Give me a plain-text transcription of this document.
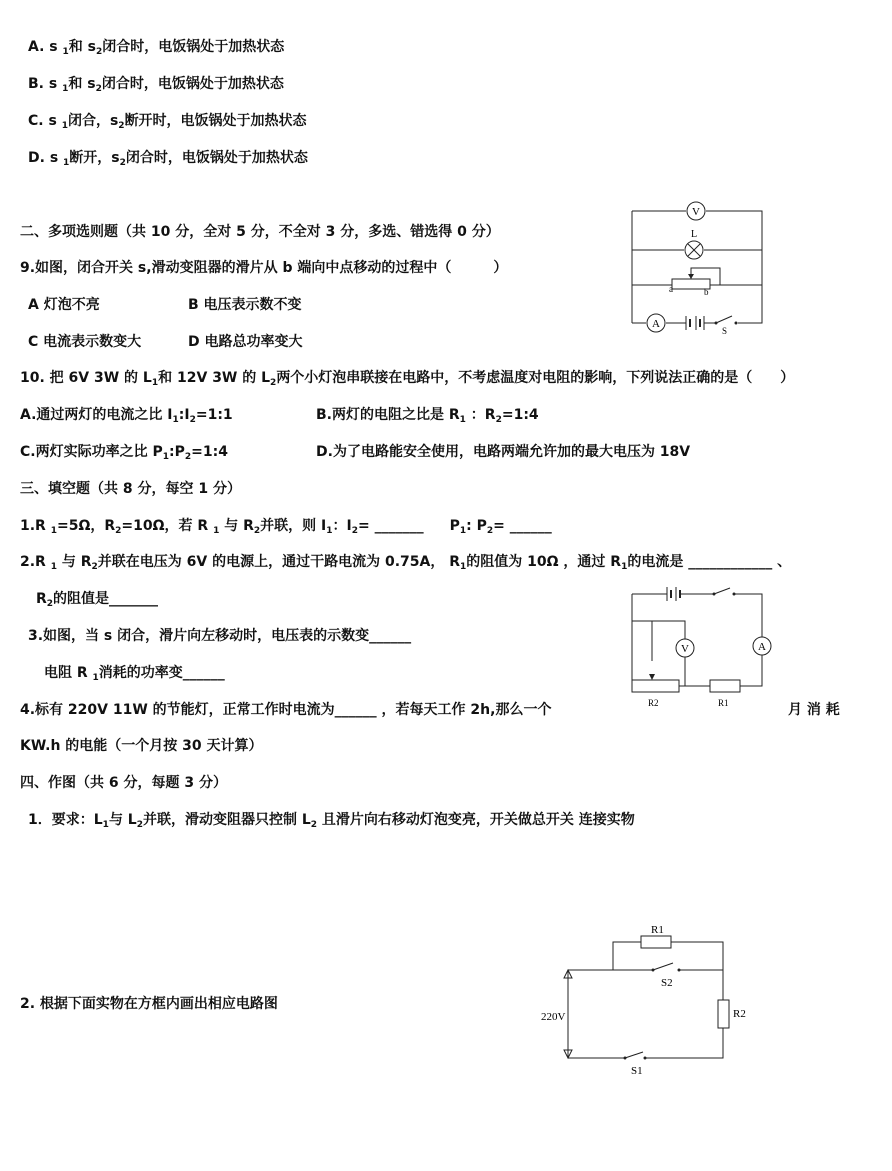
A. s $_1$和 $s_2$闭合时，电饭锅处于加热状态
B. s $_1$和 $s_2$闭合时，电饭锅处于加热状态
C. s $_1$闭合，$s_2$断开时，电饭锅处于加热状态
D. s $_1$断开，$s_2$闭合时，电饭锅处于加热状态
二、多项选则题（共 10 分，全对 5 分，不全对 3 分，多选、错选得 0 分）
9.如图，闭合开关 s,滑动变阻器的滑片从 b 端向中点移动的过程中（　　　）
A 灯泡不亮	B 电压表示数不变
C 电流表示数变大	D 电路总功率变大
10. 把 6V 3W 的 $L_1$和 12V 3W 的 $L_2$两个小灯泡串联接在电路中，不考虑温度对电阻的影响，下列说法正确的是（　　）
A.通过两灯的电流之比 $I_1:I_2=1:1$	B.两灯的电阻之比是 $R_1$ ：$R_2=1:4$
C.两灯实际功率之比 $P_1:P_2=1:4$	D.为了电路能安全使用，电路两端允许加的最大电压为 18V
三、填空题（共 8 分，每空 1 分）
1.R $_1$=5Ω，$R_2=10\Omega$，若 R $_1$ 与 $R_2$并联，则 $I_1$：$I_2=$ _______ $P_1$: $P_2=$ ______
2.R $_1$ 与 $R_2$并联在电压为 6V 的电源上，通过干路电流为 0.75A， $R_1$的阻值为 10Ω ，通过 $R_1$的电流是 ____________ 、
$R_2$的阻值是_______
3.如图，当 s 闭合，滑片向左移动时，电压表的示数变______
电阻 R $_1$消耗的功率变______
4.标有 220V 11W 的节能灯，正常工作时电流为______ ，若每天工作 2h,那么一个	月 消 耗
KW.h 的电能（一个月按 30 天计算）
四、作图（共 6 分，每题 3 分）
1．要求：$L_1$与 $L_2$并联，滑动变阻器只控制 $L_2$ 且滑片向右移动灯泡变亮，开关做总开关 连接实物
2. 根据下面实物在方框内画出相应电路图
V
L
a	b
A
S
V	A
R2	R1
R1
S2
R2
S1
220V
